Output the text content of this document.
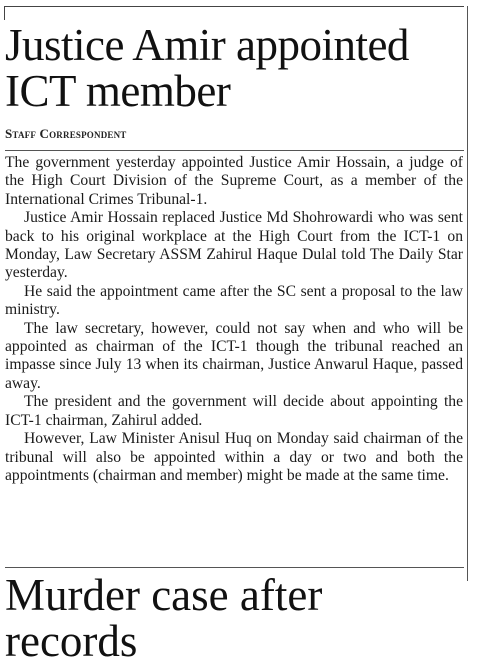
Justice Amir appointed ICT member
Staff Correspondent

The government yesterday appointed Justice Amir Hossain, a judge of the High Court Division of the Supreme Court, as a member of the International Crimes Tribunal-1.

Justice Amir Hossain replaced Justice Md Shohrowardi who was sent back to his original workplace at the High Court from the ICT-1 on Monday, Law Secretary ASSM Zahirul Haque Dulal told The Daily Star yesterday.

He said the appointment came after the SC sent a proposal to the law ministry.

The law secretary, however, could not say when and who will be appointed as chairman of the ICT-1 though the tribunal reached an impasse since July 13 when its chairman, Justice Anwarul Haque, passed away.

The president and the government will decide about appointing the ICT-1 chairman, Zahirul added.

However, Law Minister Anisul Huq on Monday said chairman of the tribunal will also be appointed within a day or two and both the appointments (chairman and member) might be made at the same time.

Murder case after records
